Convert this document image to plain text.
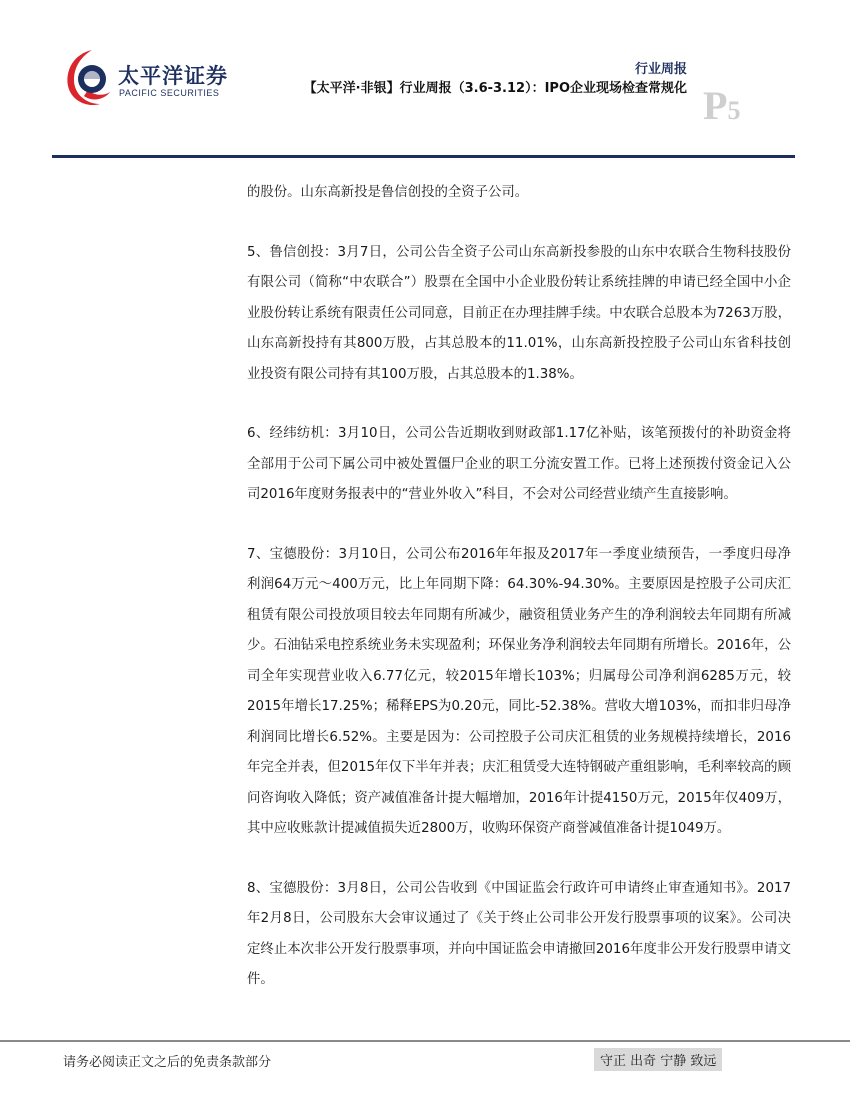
太平洋证券
PACIFIC SECURITIES
行业周报
【太平洋·非银】行业周报（3.6-3.12）：IPO企业现场检查常规化 P5

的股份。山东高新投是鲁信创投的全资子公司。

5、鲁信创投：3月7日，公司公告全资子公司山东高新投参股的山东中农联合生物科技股份有限公司（简称“中农联合”）股票在全国中小企业股份转让系统挂牌的申请已经全国中小企业股份转让系统有限责任公司同意，目前正在办理挂牌手续。中农联合总股本为7263万股，山东高新投持有其800万股，占其总股本的11.01%，山东高新投控股子公司山东省科技创业投资有限公司持有其100万股，占其总股本的1.38%。

6、经纬纺机：3月10日，公司公告近期收到财政部1.17亿补贴，该笔预拨付的补助资金将全部用于公司下属公司中被处置僵尸企业的职工分流安置工作。已将上述预拨付资金记入公司2016年度财务报表中的“营业外收入”科目，不会对公司经营业绩产生直接影响。

7、宝德股份：3月10日，公司公布2016年年报及2017年一季度业绩预告，一季度归母净利润64万元～400万元，比上年同期下降：64.30%-94.30%。主要原因是控股子公司庆汇租赁有限公司投放项目较去年同期有所减少，融资租赁业务产生的净利润较去年同期有所减少。石油钻采电控系统业务未实现盈利；环保业务净利润较去年同期有所增长。2016年，公司全年实现营业收入6.77亿元，较2015年增长103%；归属母公司净利润6285万元，较2015年增长17.25%；稀释EPS为0.20元，同比-52.38%。营收大增103%，而扣非归母净利润同比增长6.52%。主要是因为：公司控股子公司庆汇租赁的业务规模持续增长，2016年完全并表，但2015年仅下半年并表；庆汇租赁受大连特钢破产重组影响，毛利率较高的顾问咨询收入降低；资产减值准备计提大幅增加，2016年计提4150万元，2015年仅409万，其中应收账款计提减值损失近2800万，收购环保资产商誉减值准备计提1049万。

8、宝德股份：3月8日，公司公告收到《中国证监会行政许可申请终止审查通知书》。2017年2月8日，公司股东大会审议通过了《关于终止公司非公开发行股票事项的议案》。公司决定终止本次非公开发行股票事项，并向中国证监会申请撤回2016年度非公开发行股票申请文件。

请务必阅读正文之后的免责条款部分	守正 出奇 宁静 致远
